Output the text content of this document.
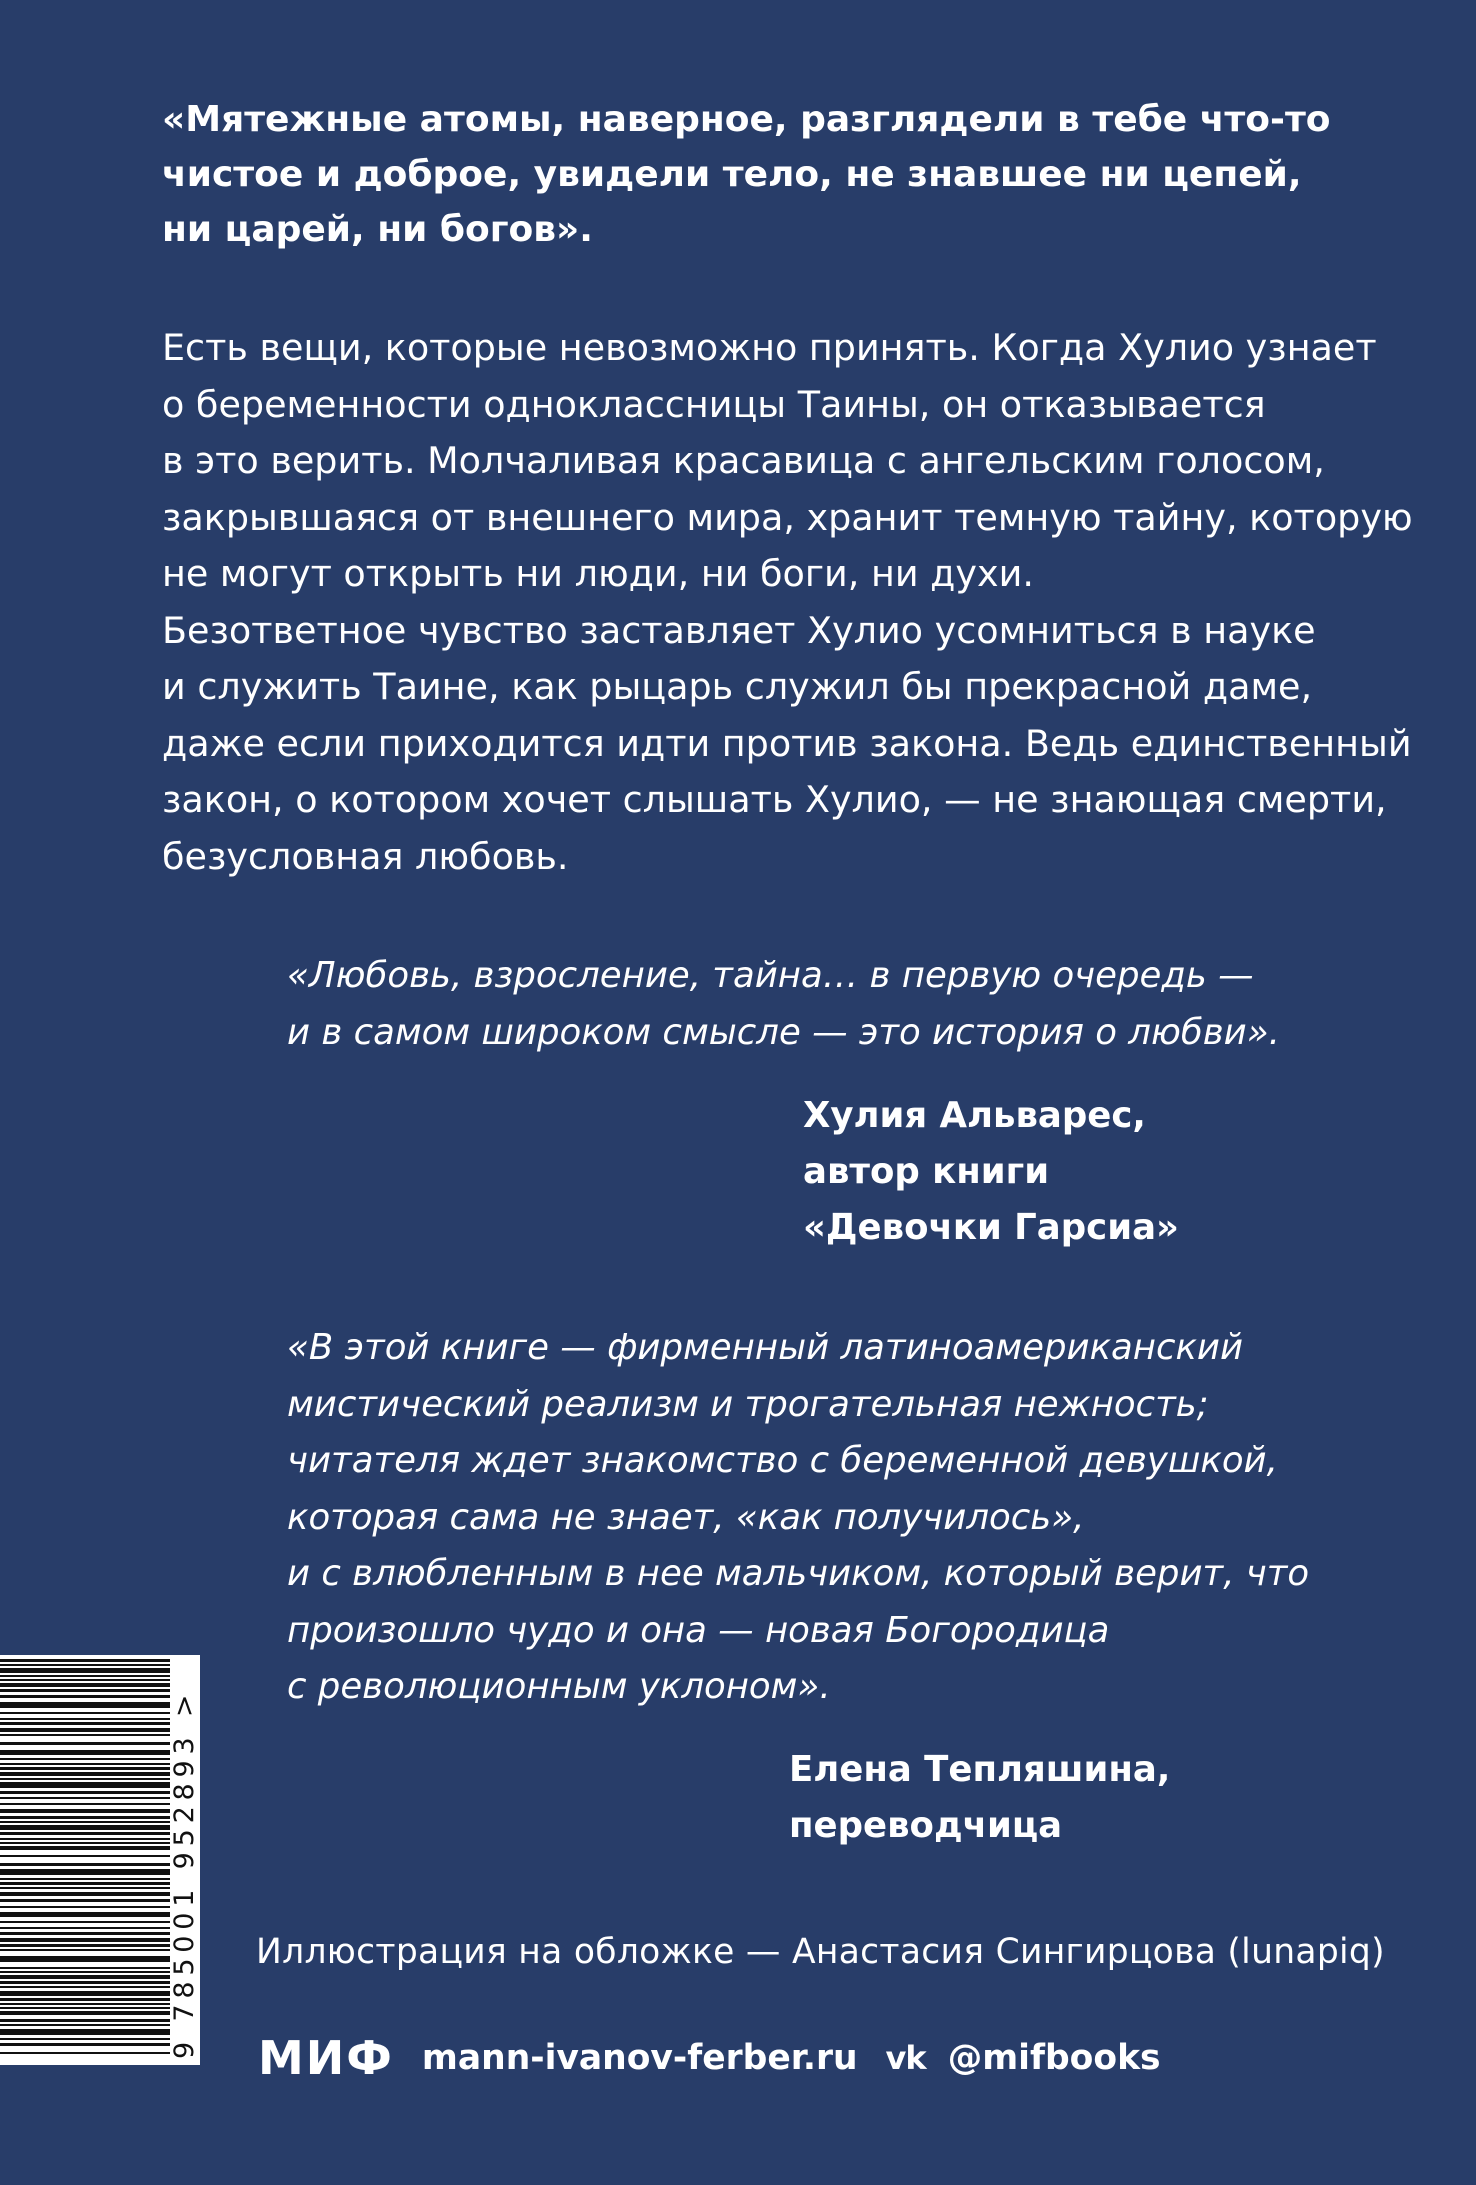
«Мятежные атомы, наверное, разглядели в тебе что-то
чистое и доброе, увидели тело, не знавшее ни цепей,
ни царей, ни богов».
Есть вещи, которые невозможно принять. Когда Хулио узнает
о беременности одноклассницы Таины, он отказывается
в это верить. Молчаливая красавица с ангельским голосом,
закрывшаяся от внешнего мира, хранит темную тайну, которую
не могут открыть ни люди, ни боги, ни духи.
Безответное чувство заставляет Хулио усомниться в науке
и служить Таине, как рыцарь служил бы прекрасной даме,
даже если приходится идти против закона. Ведь единственный
закон, о котором хочет слышать Хулио, — не знающая смерти,
безусловная любовь.
«Любовь, взросление, тайна… в первую очередь —
и в самом широком смысле — это история о любви».
Хулия Альварес,
автор книги
«Девочки Гарсиа»
«В этой книге — фирменный латиноамериканский
мистический реализм и трогательная нежность;
читателя ждет знакомство с беременной девушкой,
которая сама не знает, «как получилось»,
и с влюбленным в нее мальчиком, который верит, что
произошло чудо и она — новая Богородица
с революционным уклоном».
Елена Тепляшина,
переводчица
9 785001 952893 > Иллюстрация на обложке — Анастасия Сингирцова (lunapiq)
МИФ mann-ivanov-ferber.ru vk @mifbooks
